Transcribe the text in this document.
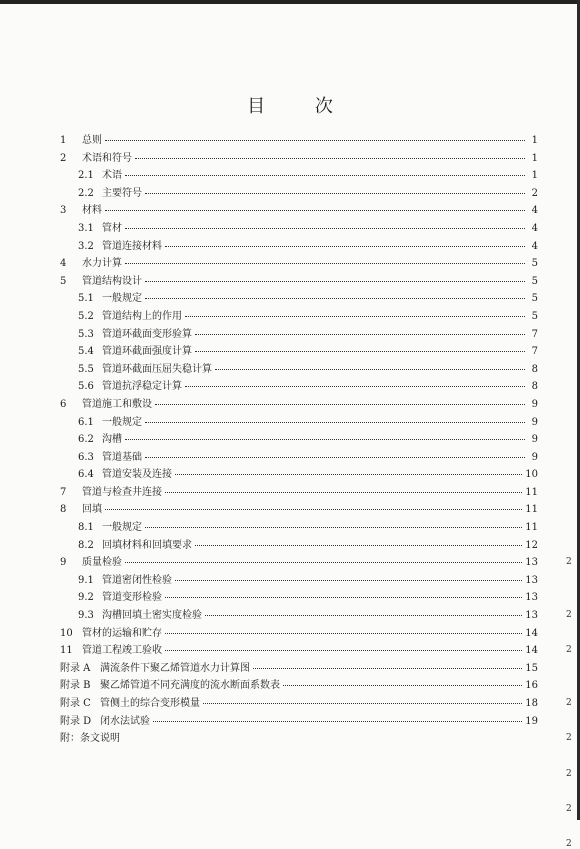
目 次
1	总则	1
2	术语和符号	1
2.1 术语	1
2.2 主要符号	2
3	材料	4
3.1 管材	4
3.2 管道连接材料	4
4	水力计算	5
5	管道结构设计	5
5.1 一般规定	5
5.2 管道结构上的作用	5
5.3 管道环截面变形验算	7
5.4 管道环截面强度计算	7
5.5 管道环截面压屈失稳计算	8
5.6 管道抗浮稳定计算	8
6	管道施工和敷设	9
6.1 一般规定	9
6.2 沟槽	9
6.3 管道基础	9
6.4 管道安装及连接	10
7	管道与检查井连接	11
8	回填	11
8.1 一般规定	11
8.2 回填材料和回填要求	12
9	质量检验	13
9.1 管道密闭性检验	13
9.2 管道变形检验	13
9.3 沟槽回填土密实度检验	13
10 管材的运输和贮存	14
11 管道工程竣工验收	14
附录 A 满流条件下聚乙烯管道水力计算图	15
附录 B 聚乙烯管道不同充满度的流水断面系数表	16
附录 C 管侧土的综合变形模量	18
附录 D 闭水法试验	19
附：条文说明
2
2
2
2
2
2
2
2
